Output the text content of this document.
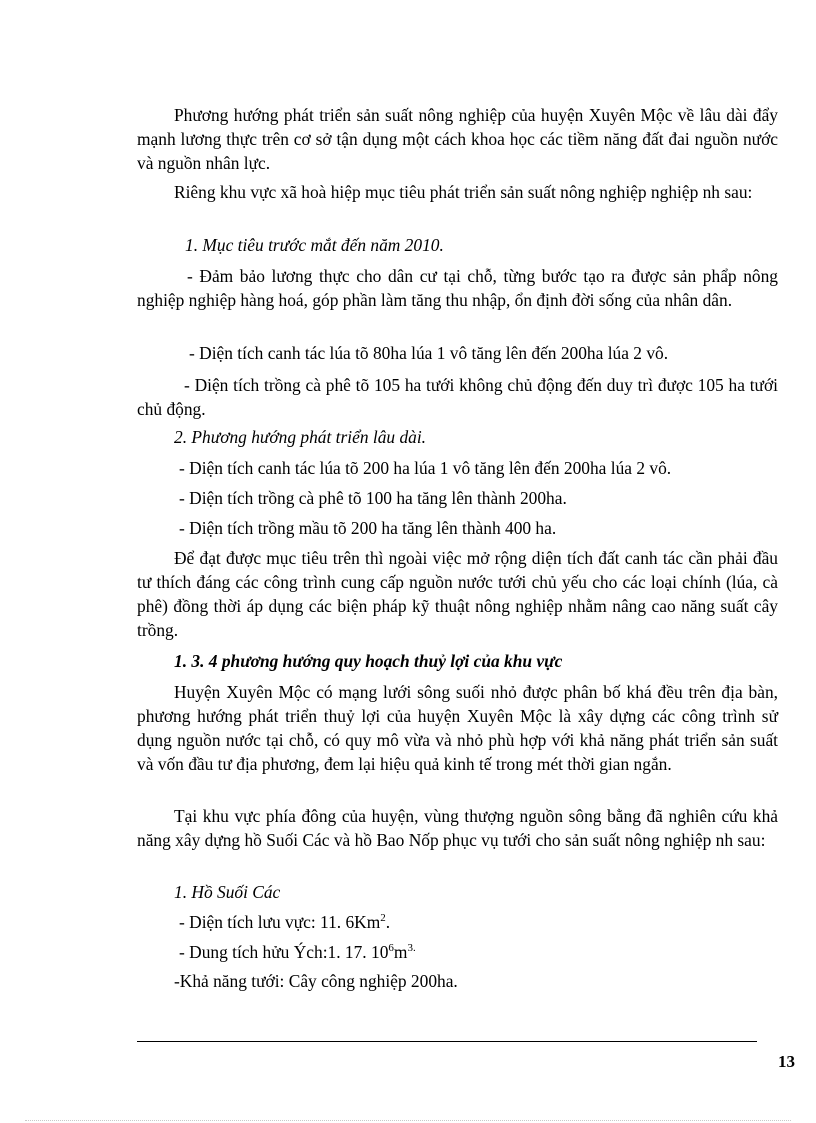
Phương hướng phát triển sản suất nông nghiệp của huyện Xuyên Mộc về lâu dài đẩy mạnh lương thực trên cơ sở tận dụng một cách khoa học các tiềm năng đất đai nguồn nước và nguồn nhân lực.

Riêng khu vực xã hoà hiệp mục tiêu phát triển sản suất nông nghiệp nghiệp nh sau:

1. Mục tiêu trước mắt đến năm 2010.

- Đảm bảo lương thực cho dân cư tại chỗ, từng bước tạo ra được sản phẩp nông nghiệp nghiệp hàng hoá, góp phần làm tăng thu nhập, ổn định đời sống của nhân dân.

- Diện tích canh tác lúa tõ 80ha lúa 1 vô tăng lên đến 200ha lúa 2 vô.

- Diện tích trồng cà phê tõ 105 ha tưới không chủ động đến duy trì được 105 ha tưới chủ động.

2. Phương hướng phát triển lâu dài.

- Diện tích canh tác lúa tõ 200 ha lúa 1 vô tăng lên đến 200ha lúa 2 vô.

- Diện tích trồng cà phê tõ 100 ha tăng lên thành 200ha.

- Diện tích trồng mầu tõ 200 ha tăng lên thành 400 ha.

Để đạt được mục tiêu trên thì ngoài việc mở rộng diện tích đất canh tác cần phải đầu tư thích đáng các công trình cung cấp nguồn nước tưới chủ yếu cho các loại chính (lúa, cà phê) đồng thời áp dụng các biện pháp kỹ thuật nông nghiệp nhằm nâng cao năng suất cây trồng.

1. 3. 4 phương hướng quy hoạch thuỷ lợi của khu vực

Huyện Xuyên Mộc có mạng lưới sông suối nhỏ được phân bố khá đều trên địa bàn, phương hướng phát triển thuỷ lợi của huyện Xuyên Mộc là xây dựng các công trình sử dụng nguồn nước tại chỗ, có quy mô vừa và nhỏ phù hợp với khả năng phát triển sản suất và vốn đầu tư địa phương, đem lại hiệu quả kinh tế trong mét thời gian ngắn.

Tại khu vực phía đông của huyện, vùng thượng nguồn sông bằng đã nghiên cứu khả năng xây dựng hồ Suối Các và hồ Bao Nốp phục vụ tưới cho sản suất nông nghiệp nh sau:

1. Hồ Suối Các

- Diện tích lưu vực: 11. 6Km$^2$.

- Dung tích hửu Ých:1. 17. $10^6m^{3.}$

-Khả năng tưới: Cây công nghiệp 200ha.

13
